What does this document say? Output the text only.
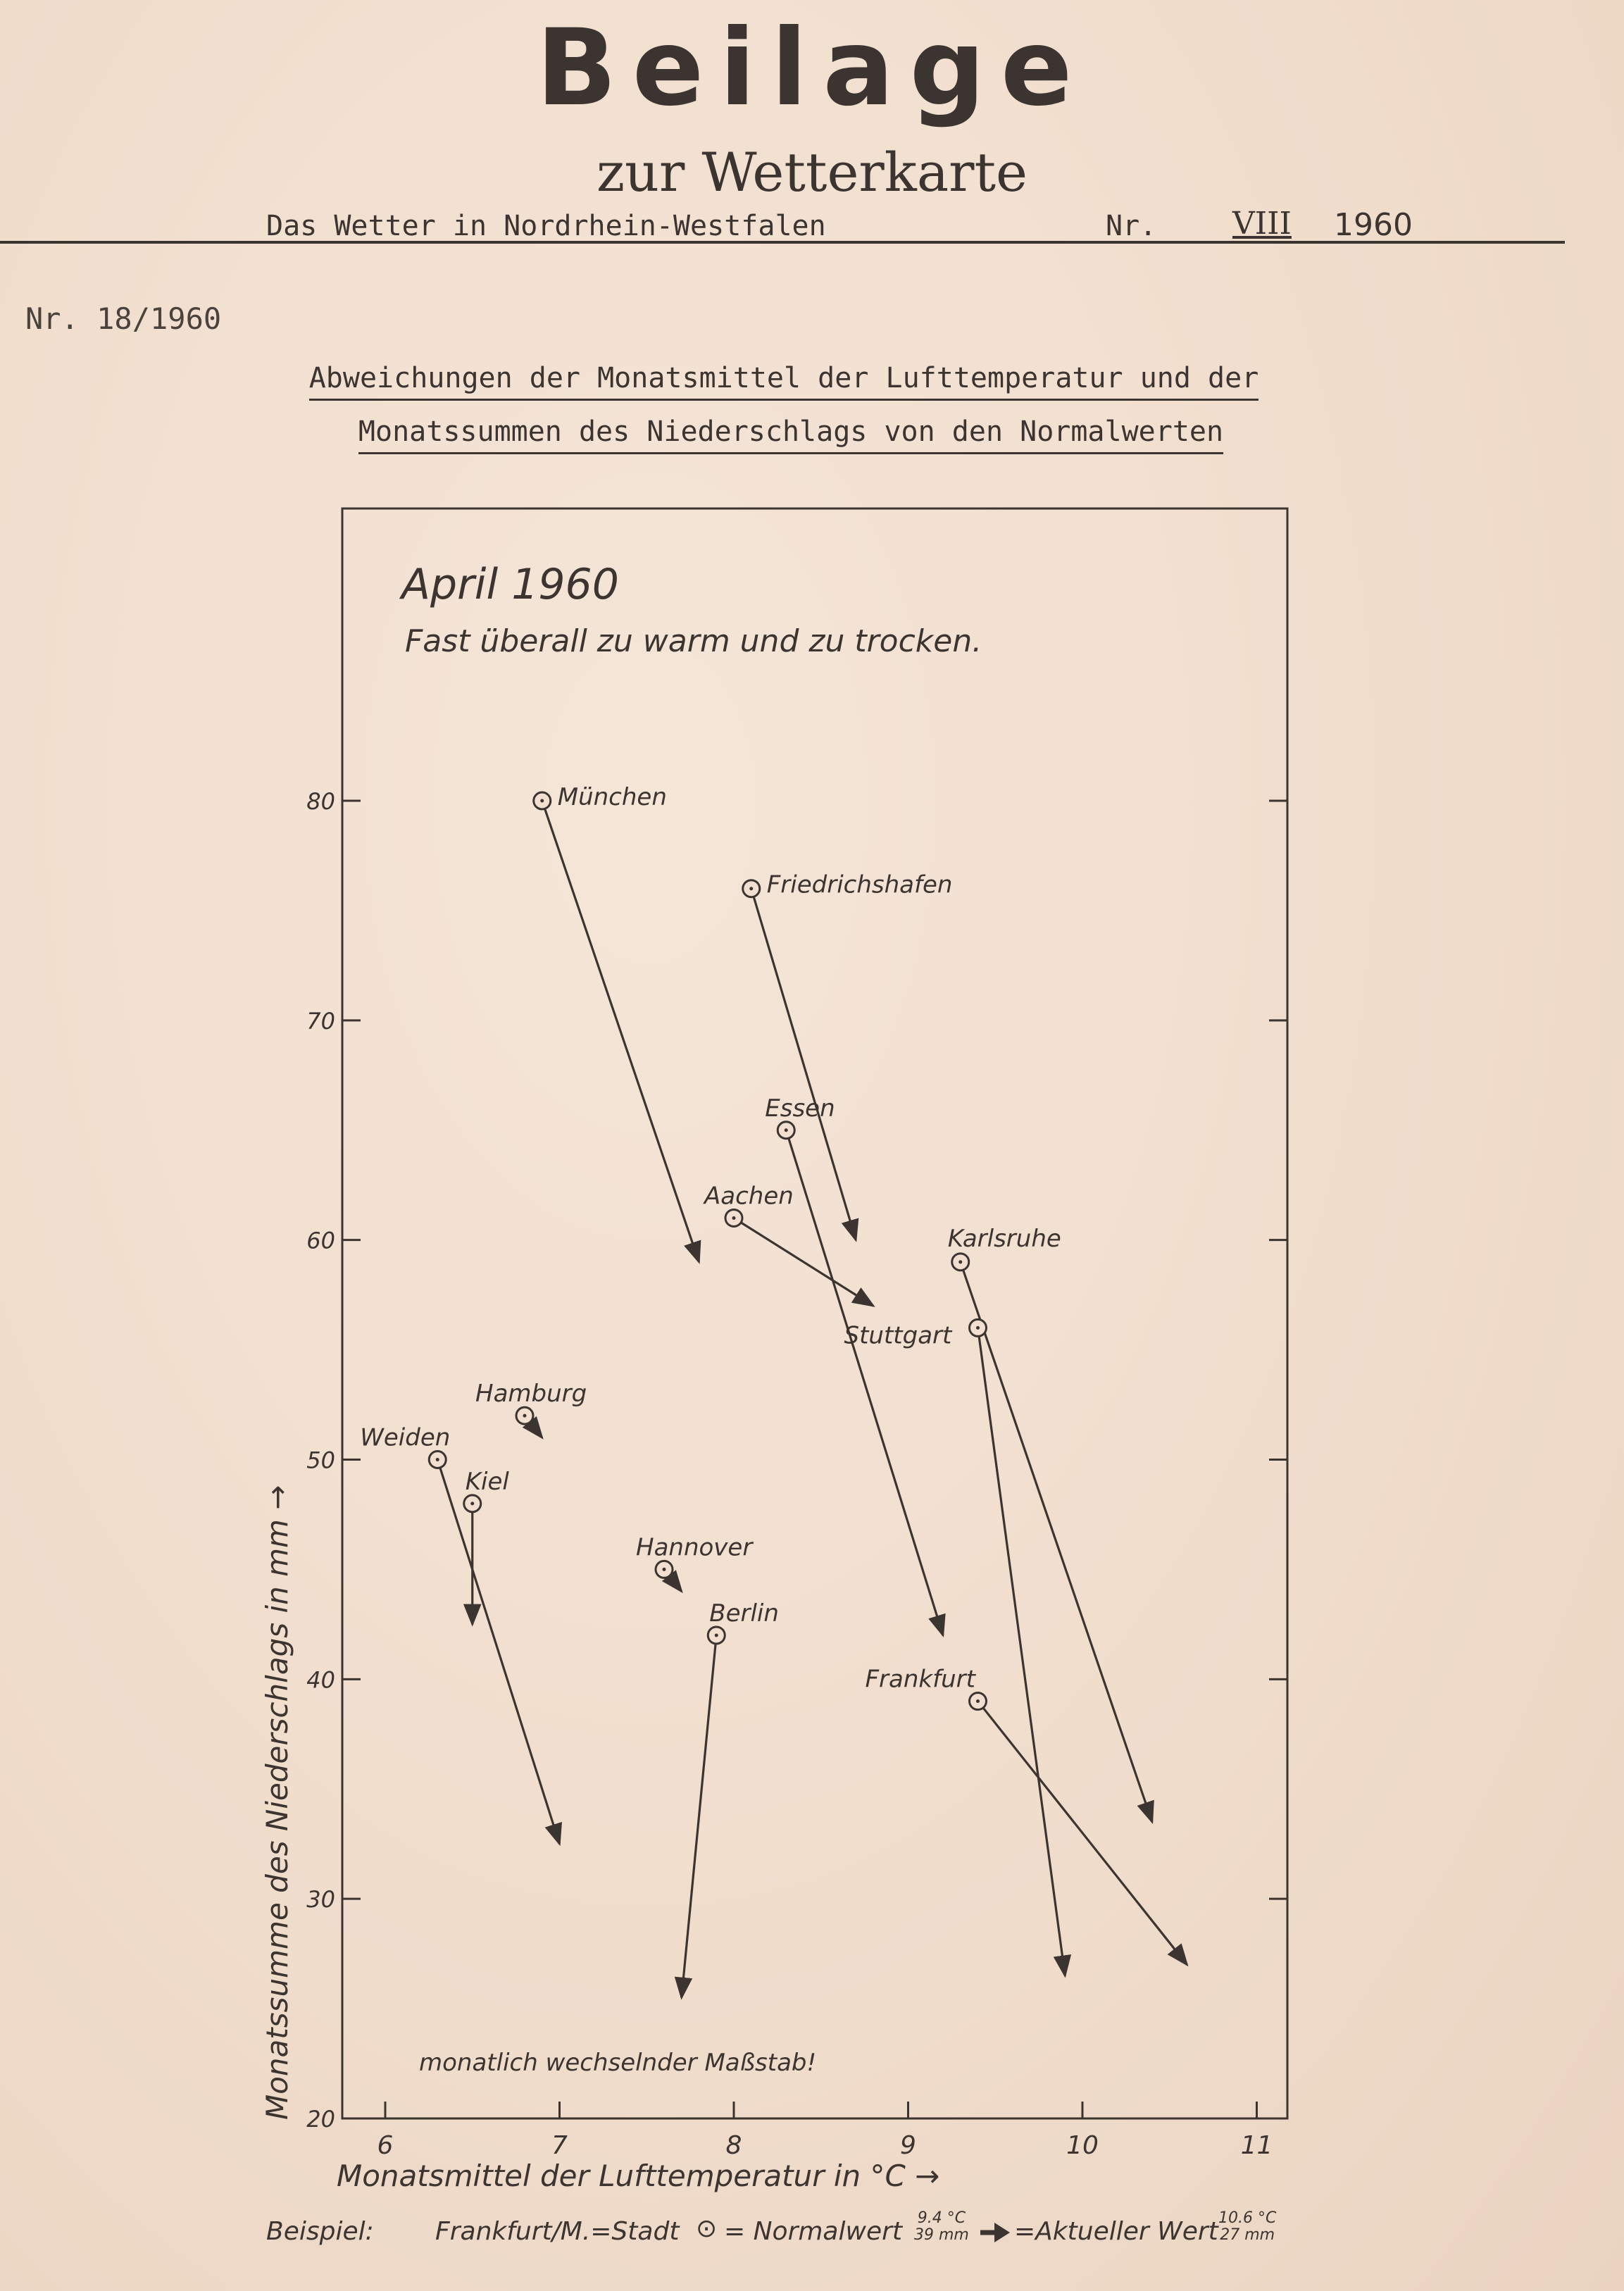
Beilage
zur Wetterkarte
Das Wetter in Nordrhein-Westfalen	Nr. VIII 1960
Nr. 18/1960
Abweichungen der Monatsmittel der Lufttemperatur und der
Monatssummen des Niederschlags von den Normalwerten
20
30
40
50
60
70
80
6	7	8	9	10	11
München
Friedrichshafen
Essen
Aachen
Karlsruhe
Stuttgart
Hamburg
Weiden
Kiel
Hannover
Berlin
Frankfurt
April 1960
Fast überall zu warm und zu trocken.
monatlich wechselnder Maßstab!
Monatsmittel der Lufttemperatur in °C →
Monatssumme des Niederschlags in mm →
Beispiel: Frankfurt/M.=Stadt ⊙ = Normalwert 9.4 °C
39 mm =Aktueller Wert 10.6 °C
27 mm
